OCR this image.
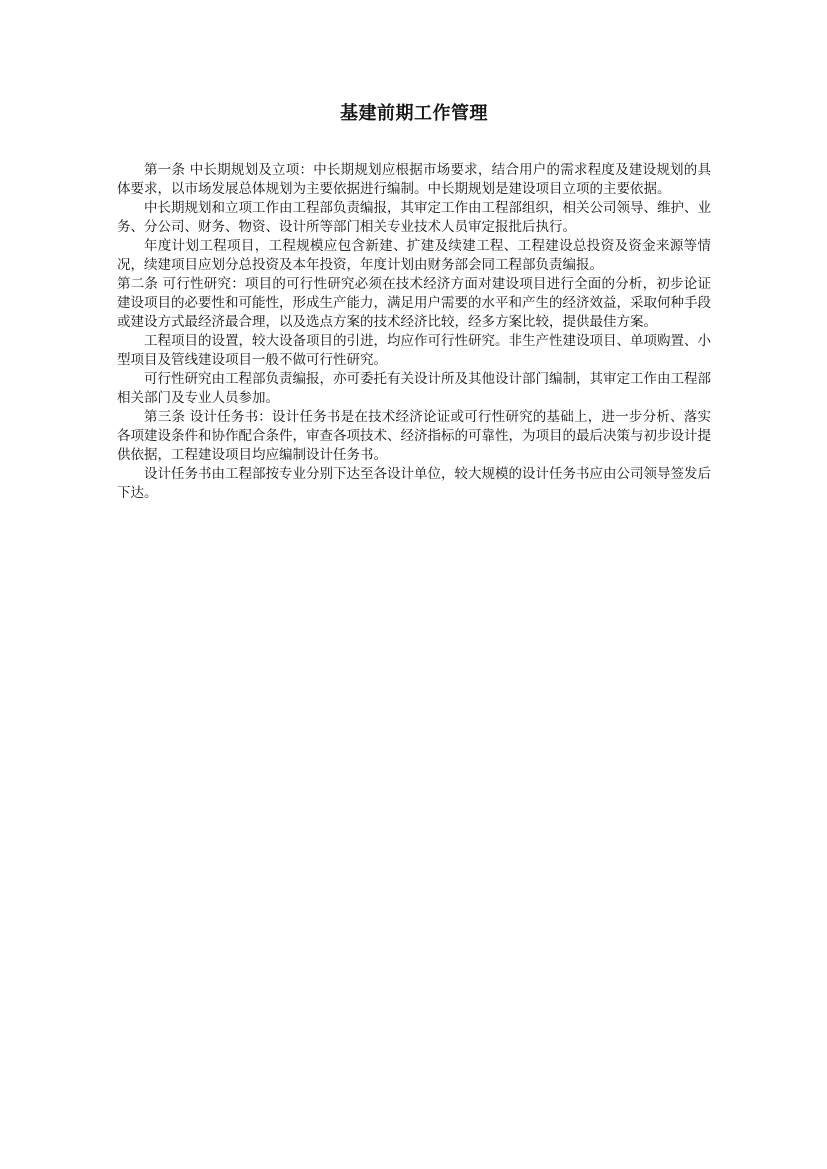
基建前期工作管理

第一条 中长期规划及立项：中长期规划应根据市场要求，结合用户的需求程度及建设规划的具体要求，以市场发展总体规划为主要依据进行编制。中长期规划是建设项目立项的主要依据。

中长期规划和立项工作由工程部负责编报，其审定工作由工程部组织，相关公司领导、维护、业务、分公司、财务、物资、设计所等部门相关专业技术人员审定报批后执行。

年度计划工程项目，工程规模应包含新建、扩建及续建工程、工程建设总投资及资金来源等情况，续建项目应划分总投资及本年投资，年度计划由财务部会同工程部负责编报。

第二条 可行性研究：项目的可行性研究必须在技术经济方面对建设项目进行全面的分析，初步论证建设项目的必要性和可能性，形成生产能力，满足用户需要的水平和产生的经济效益，采取何种手段或建设方式最经济最合理，以及选点方案的技术经济比较，经多方案比较，提供最佳方案。

工程项目的设置，较大设备项目的引进，均应作可行性研究。非生产性建设项目、单项购置、小型项目及管线建设项目一般不做可行性研究。

可行性研究由工程部负责编报，亦可委托有关设计所及其他设计部门编制，其审定工作由工程部相关部门及专业人员参加。

第三条 设计任务书：设计任务书是在技术经济论证或可行性研究的基础上，进一步分析、落实各项建设条件和协作配合条件，审查各项技术、经济指标的可靠性，为项目的最后决策与初步设计提供依据，工程建设项目均应编制设计任务书。

设计任务书由工程部按专业分别下达至各设计单位，较大规模的设计任务书应由公司领导签发后下达。
